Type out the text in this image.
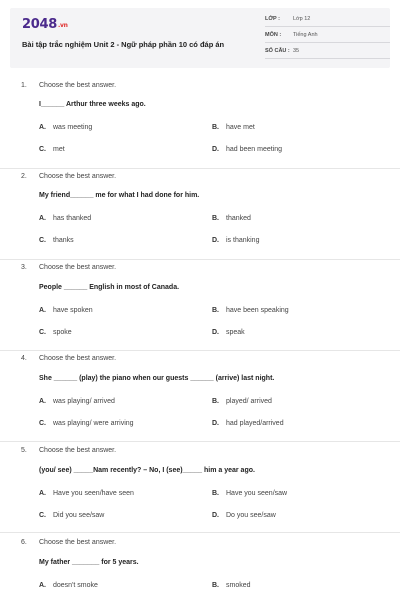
2048.vn
Bài tập trắc nghiệm Unit 2 - Ngữ pháp phần 10 có đáp án
LỚP : Lớp 12
MÔN : Tiếng Anh
SỐ CÂU : 35
1. Choose the best answer.
I______ Arthur three weeks ago.
A. was meeting	B. have met
C. met	D. had been meeting
2. Choose the best answer.
My friend______ me for what I had done for him.
A. has thanked	B. thanked
C. thanks	D. is thanking
3. Choose the best answer.
People ______ English in most of Canada.
A. have spoken	B. have been speaking
C. spoke	D. speak
4. Choose the best answer.
She ______ (play) the piano when our guests ______ (arrive) last night.
A. was playing/ arrived	B. played/ arrived
C. was playing/ were arriving	D. had played/arrived
5. Choose the best answer.
(you/ see) _____Nam recently? – No, I (see)_____ him a year ago.
A. Have you seen/have seen	B. Have you seen/saw
C. Did you see/saw	D. Do you see/saw
6. Choose the best answer.
My father _______ for 5 years.
A. doesn't smoke	B. smoked
